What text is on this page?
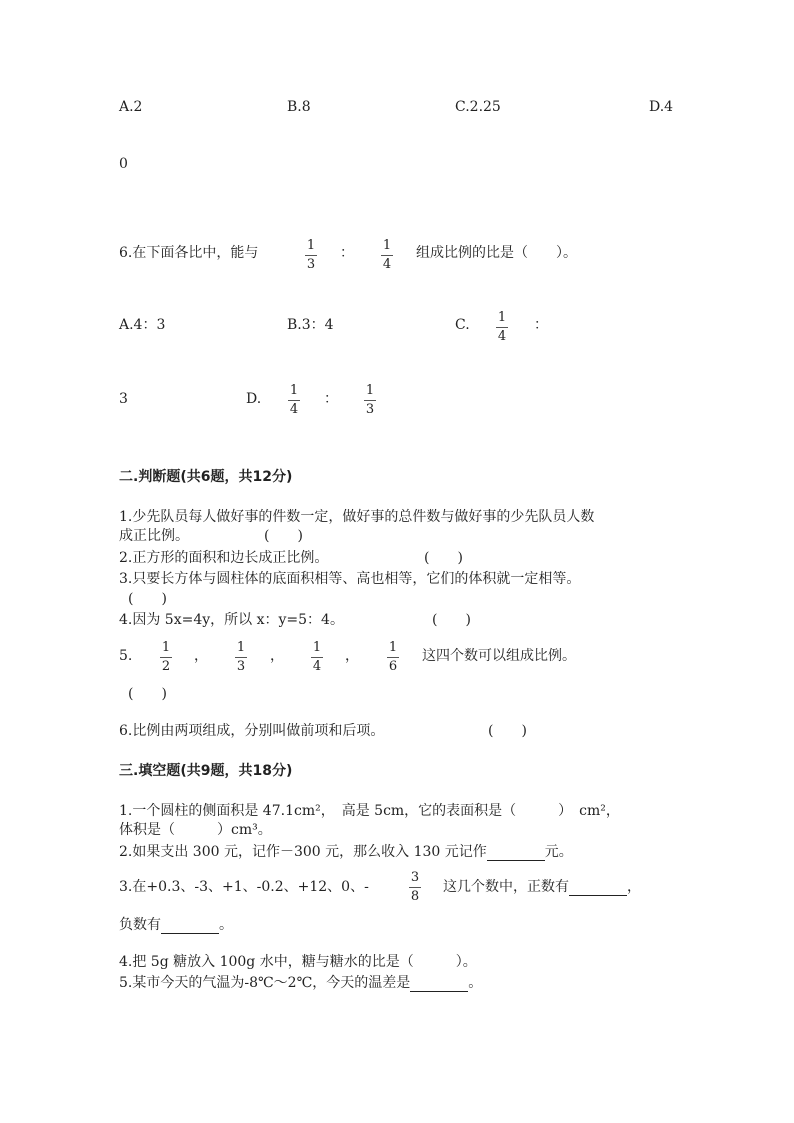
A.2	B.8	C.2.25	D.4
0
6.在下面各比中，能与	1
3
： 1
4
组成比例的比是（　　）。
A.4：3	B.3：4	C. 1
4
：
3	D.
1
4
：
1
3
二.判断题(共6题，共12分)
1.少先队员每人做好事的件数一定，做好事的总件数与做好事的少先队员人数
成正比例。	(　　)
2.正方形的面积和边长成正比例。	(　　)
3.只要长方体与圆柱体的底面积相等、高也相等，它们的体积就一定相等。
(　　)
4.因为 5x=4y，所以 x：y=5：4。	(　　)
5.
1
2
，
1
3
，
1
4
，
1
6
这四个数可以组成比例。
(　　)
6.比例由两项组成，分别叫做前项和后项。	(　　)
三.填空题(共9题，共18分)
1.一个圆柱的侧面积是 47.1cm²，　高是 5cm，它的表面积是（　　　）　cm²，
体积是（　　　）cm³。
2.如果支出 300 元，记作－300 元，那么收入 130 元记作	元。
3.在+0.3、-3、+1、-0.2、+12、0、-
3
8
这几个数中，正数有	，
负数有	。
4.把 5g 糖放入 100g 水中，糖与糖水的比是（　　　）。
5.某市今天的气温为-8℃～2℃，今天的温差是	。
